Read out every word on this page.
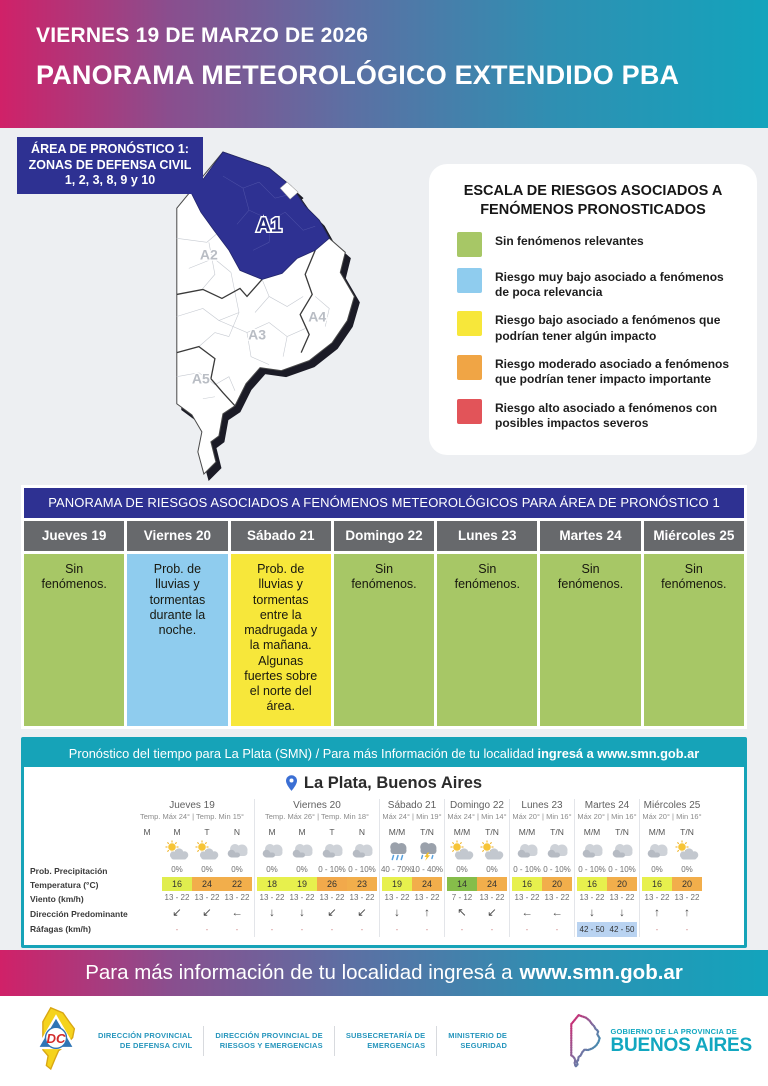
VIERNES 19 DE MARZO DE 2026
PANORAMA METEOROLÓGICO EXTENDIDO PBA
ÁREA DE PRONÓSTICO 1:
ZONAS DE DEFENSA CIVIL
1, 2, 3, 8, 9 y 10
A1
A2
A3
A4
A5
ESCALA DE RIESGOS ASOCIADOS A FENÓMENOS PRONOSTICADOS
Sin fenómenos relevantes
Riesgo muy bajo asociado a fenómenos de poca relevancia
Riesgo bajo asociado a fenómenos que podrían tener algún impacto
Riesgo moderado asociado a fenómenos que podrían tener impacto importante
Riesgo alto asociado a fenómenos con posibles impactos severos
PANORAMA DE RIESGOS ASOCIADOS A FENÓMENOS METEOROLÓGICOS PARA ÁREA DE PRONÓSTICO 1
Jueves 19
Sin fenómenos.
Viernes 20
Prob. de lluvias y tormentas durante la noche.
Sábado 21
Prob. de lluvias y tormentas entre la madrugada y la mañana. Algunas fuertes sobre el norte del área.
Domingo 22
Sin fenómenos.
Lunes 23
Sin fenómenos.
Martes 24
Sin fenómenos.
Miércoles 25
Sin fenómenos.
Pronóstico del tiempo para La Plata (SMN) / Para más Información de tu localidad ingresá a www.smn.gob.ar
La Plata, Buenos Aires
Prob. Precipitación
Temperatura (°C)
Viento (km/h)
Dirección Predominante
Ráfagas (km/h)
Jueves 19
Temp. Máx 24° | Temp. Min 15°
M	M
0%
16
13 - 22
↙
-
T
0%
24
13 - 22
↙
-
N
0%
22
13 - 22
←
-
Viernes 20
Temp. Máx 26° | Temp. Min 18°
M
0%
18
13 - 22
↓
-
M
0%
19
13 - 22
↓
-
T
0 - 10%
26
13 - 22
↙
-
N
0 - 10%
23
13 - 22
↙
-
Sábado 21
Máx 24° | Min 19°
M/M
40 - 70%
19
13 - 22
↓
-
T/N
10 - 40%
24
13 - 22
↑
-
Domingo 22
Máx 24° | Min 14°
M/M
0%
14
7 - 12
↖
-
T/N
0%
24
13 - 22
↙
-
Lunes 23
Máx 20° | Min 16°
M/M
0 - 10%
16
13 - 22
←
-
T/N
0 - 10%
20
13 - 22
←
-
Martes 24
Máx 20° | Min 16°
M/M
0 - 10%
16
13 - 22
↓
42 - 50
T/N
0 - 10%
20
13 - 22
↓
42 - 50
Miércoles 25
Máx 20° | Min 16°
M/M
0%
16
13 - 22
↑
-
T/N
0%
20
13 - 22
↑
-
Para más información de tu localidad ingresá a www.smn.gob.ar
DC	DIRECCIÓN PROVINCIAL
DE DEFENSA CIVIL
DIRECCIÓN PROVINCIAL DE
RIESGOS Y EMERGENCIAS
SUBSECRETARÍA DE
EMERGENCIAS
MINISTERIO DE
SEGURIDAD
GOBIERNO DE LA PROVINCIA DE
BUENOS AIRES
